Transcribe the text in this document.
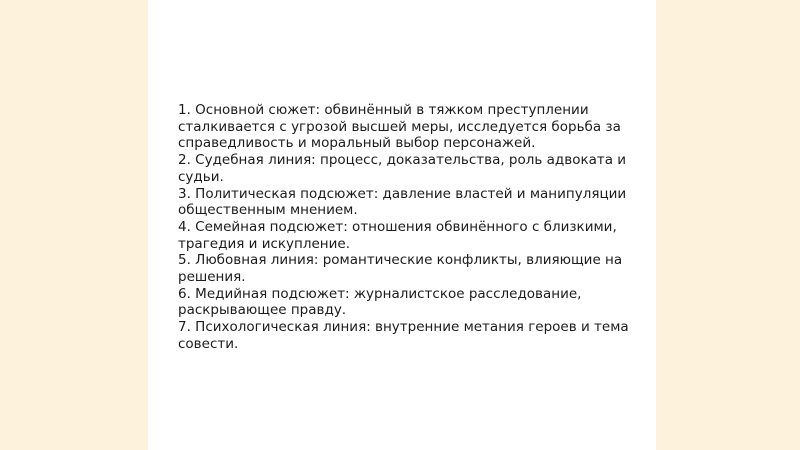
1. Основной сюжет: обвинённый в тяжком преступлении сталкивается с угрозой высшей меры, исследуется борьба за справедливость и моральный выбор персонажей.
2. Судебная линия: процесс, доказательства, роль адвоката и судьи.
3. Политическая подсюжет: давление властей и манипуляции общественным мнением.
4. Семейная подсюжет: отношения обвинённого с близкими, трагедия и искупление.
5. Любовная линия: романтические конфликты, влияющие на решения.
6. Медийная подсюжет: журналистское расследование, раскрывающее правду.
7. Психологическая линия: внутренние метания героев и тема совести.
